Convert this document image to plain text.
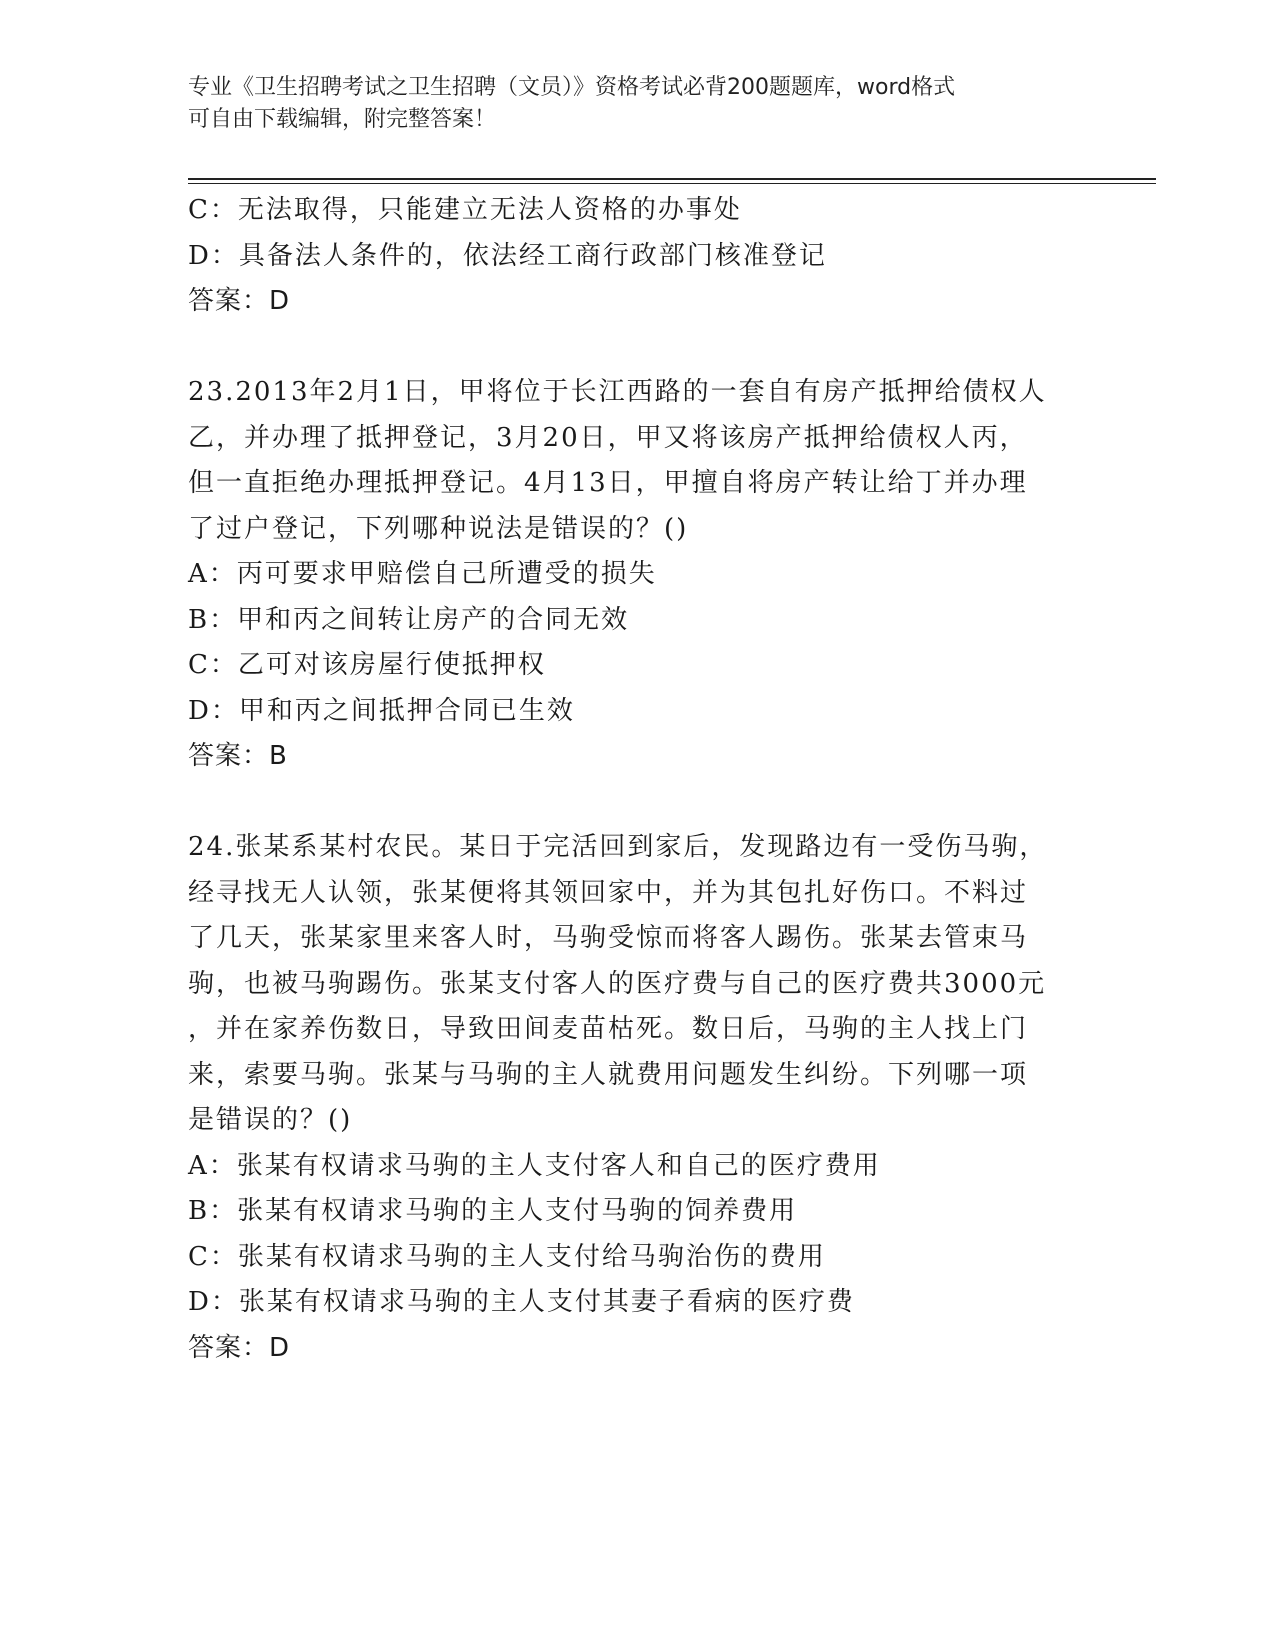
专业《卫生招聘考试之卫生招聘（文员）》资格考试必背200题题库，word格式
可自由下载编辑，附完整答案！
C：无法取得，只能建立无法人资格的办事处
D：具备法人条件的，依法经工商行政部门核准登记
答案：D
23.2013年2月1日，甲将位于长江西路的一套自有房产抵押给债权人
乙，并办理了抵押登记，3月20日，甲又将该房产抵押给债权人丙，
但一直拒绝办理抵押登记。4月13日，甲擅自将房产转让给丁并办理
了过户登记，下列哪种说法是错误的？()
A：丙可要求甲赔偿自己所遭受的损失
B：甲和丙之间转让房产的合同无效
C：乙可对该房屋行使抵押权
D：甲和丙之间抵押合同已生效
答案：B
24.张某系某村农民。某日于完活回到家后，发现路边有一受伤马驹，
经寻找无人认领，张某便将其领回家中，并为其包扎好伤口。不料过
了几天，张某家里来客人时，马驹受惊而将客人踢伤。张某去管束马
驹，也被马驹踢伤。张某支付客人的医疗费与自己的医疗费共3000元
，并在家养伤数日，导致田间麦苗枯死。数日后，马驹的主人找上门
来，索要马驹。张某与马驹的主人就费用问题发生纠纷。下列哪一项
是错误的？()
A：张某有权请求马驹的主人支付客人和自己的医疗费用
B：张某有权请求马驹的主人支付马驹的饲养费用
C：张某有权请求马驹的主人支付给马驹治伤的费用
D：张某有权请求马驹的主人支付其妻子看病的医疗费
答案：D
